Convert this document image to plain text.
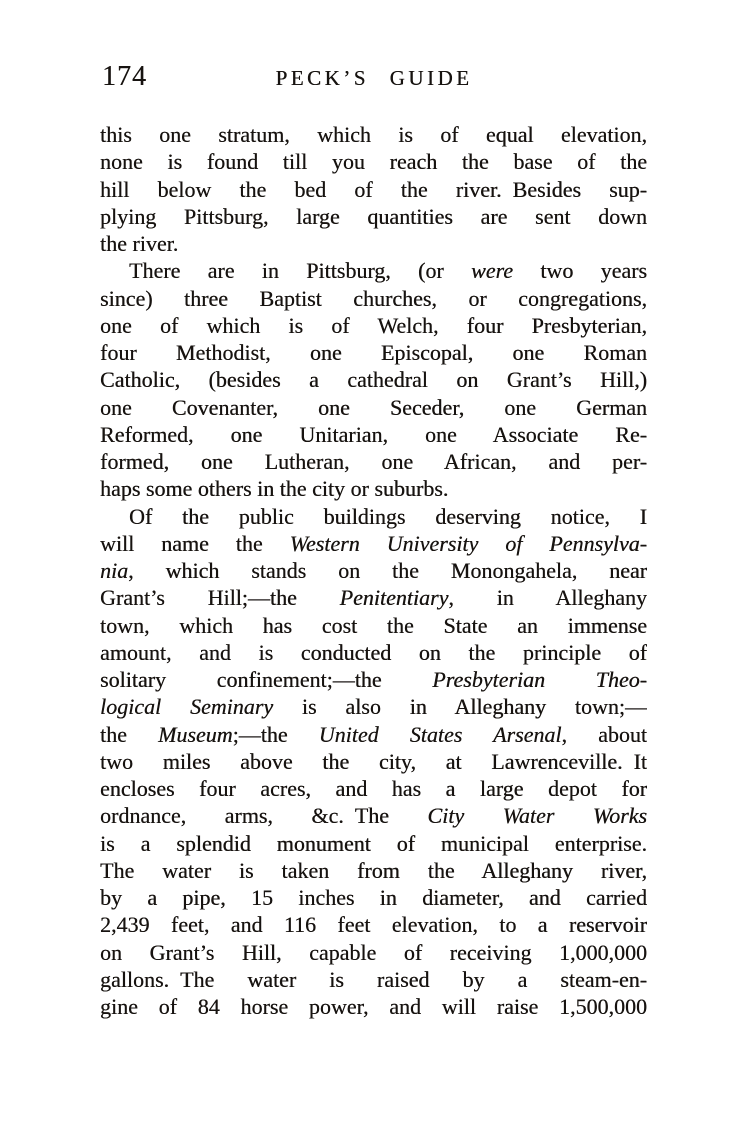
174	PECK’S GUIDE
this one stratum, which is of equal elevation,
none is found till you reach the base of the
hill below the bed of the river. Besides sup-
plying Pittsburg, large quantities are sent down
the river.
There are in Pittsburg, (or were two years
since) three Baptist churches, or congregations,
one of which is of Welch, four Presbyterian,
four Methodist, one Episcopal, one Roman
Catholic, (besides a cathedral on Grant’s Hill,)
one Covenanter, one Seceder, one German
Reformed, one Unitarian, one Associate Re-
formed, one Lutheran, one African, and per-
haps some others in the city or suburbs.
Of the public buildings deserving notice, I
will name the Western University of Pennsylva-
nia, which stands on the Monongahela, near
Grant’s Hill;—the Penitentiary, in Alleghany
town, which has cost the State an immense
amount, and is conducted on the principle of
solitary confinement;—the Presbyterian Theo-
logical Seminary is also in Alleghany town;—
the Museum;—the United States Arsenal, about
two miles above the city, at Lawrenceville. It
encloses four acres, and has a large depot for
ordnance, arms, &c. The City Water Works
is a splendid monument of municipal enterprise.
The water is taken from the Alleghany river,
by a pipe, 15 inches in diameter, and carried
2,439 feet, and 116 feet elevation, to a reservoir
on Grant’s Hill, capable of receiving 1,000,000
gallons. The water is raised by a steam-en-
gine of 84 horse power, and will raise 1,500,000
